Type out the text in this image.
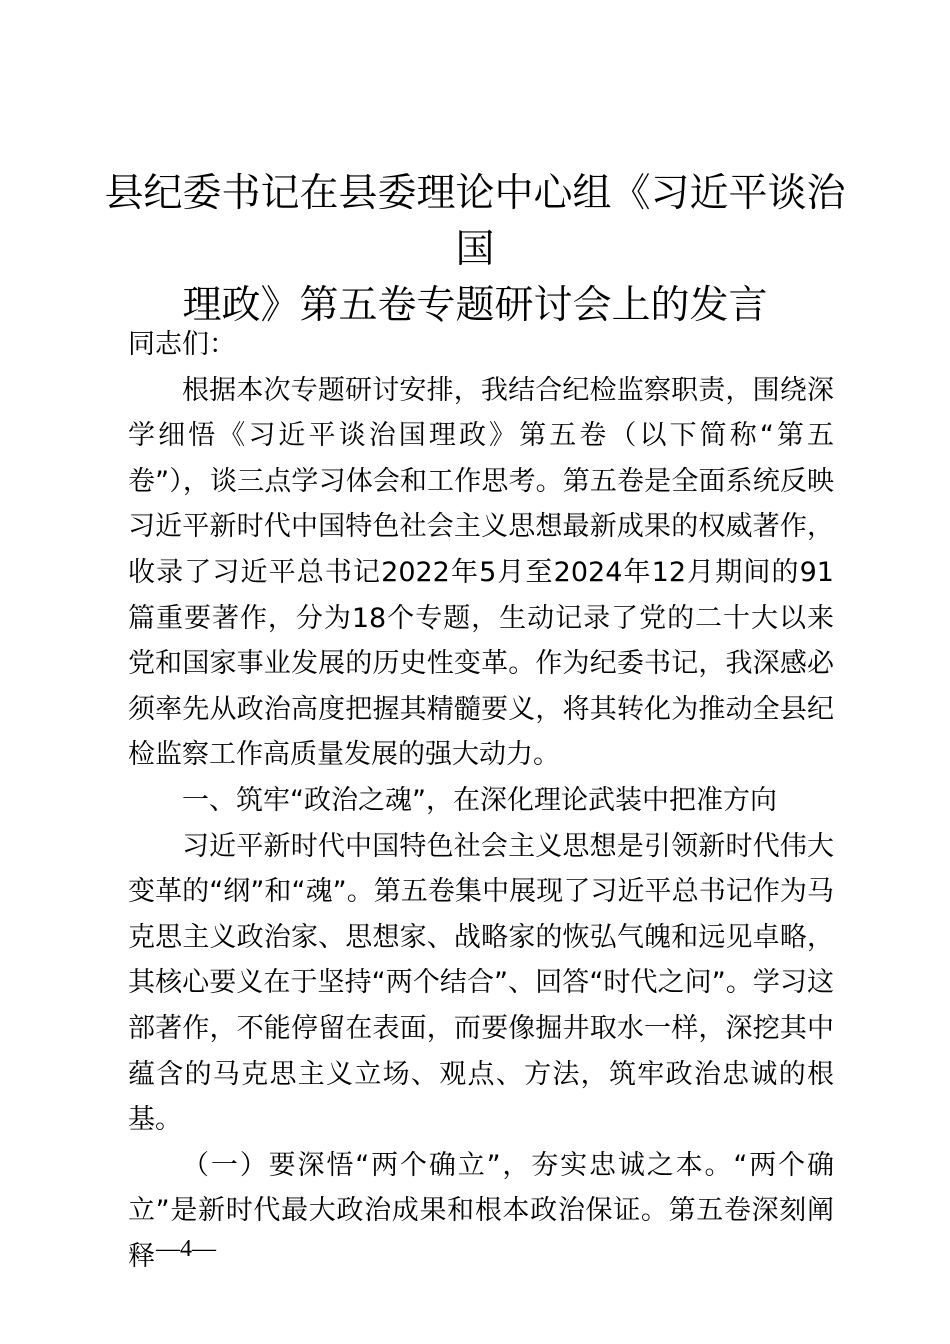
县纪委书记在县委理论中心组《习近平谈治国
理政》第五卷专题研讨会上的发言

同志们：

根据本次专题研讨安排，我结合纪检监察职责，围绕深学细悟《习近平谈治国理政》第五卷（以下简称“第五卷”），谈三点学习体会和工作思考。第五卷是全面系统反映习近平新时代中国特色社会主义思想最新成果的权威著作，收录了习近平总书记2022年5月至2024年12月期间的91篇重要著作，分为18个专题，生动记录了党的二十大以来党和国家事业发展的历史性变革。作为纪委书记，我深感必须率先从政治高度把握其精髓要义，将其转化为推动全县纪检监察工作高质量发展的强大动力。

一、筑牢“政治之魂”，在深化理论武装中把准方向

习近平新时代中国特色社会主义思想是引领新时代伟大变革的“纲”和“魂”。第五卷集中展现了习近平总书记作为马克思主义政治家、思想家、战略家的恢弘气魄和远见卓略，其核心要义在于坚持“两个结合”、回答“时代之问”。学习这部著作，不能停留在表面，而要像掘井取水一样，深挖其中蕴含的马克思主义立场、观点、方法，筑牢政治忠诚的根基。

（一）要深悟“两个确立”，夯实忠诚之本。“两个确立”是新时代最大政治成果和根本政治保证。第五卷深刻阐释 —4—
